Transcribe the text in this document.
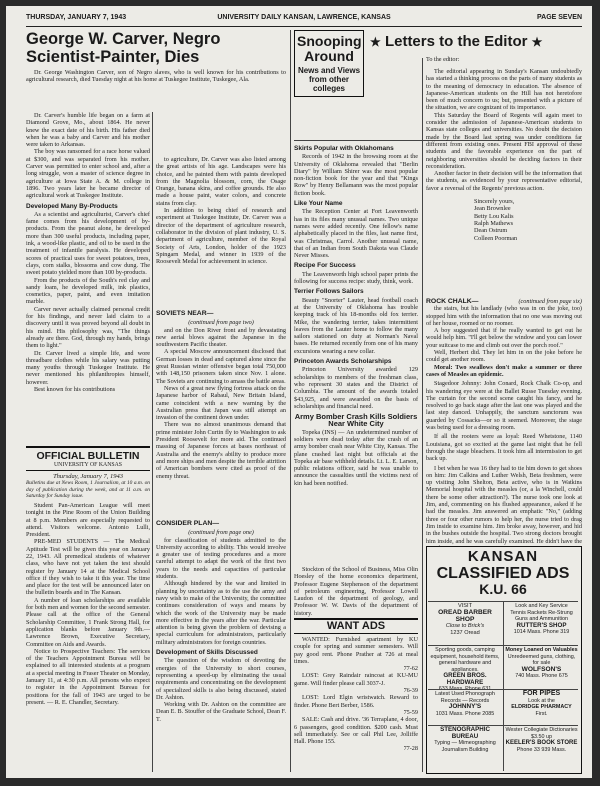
THURSDAY, JANUARY 7, 1943	UNIVERSITY DAILY KANSAN, LAWRENCE, KANSAS	PAGE SEVEN
George W. Carver, Negro Scientist-Painter, Dies

Dr. George Washington Carver, son of Negro slaves, who is well known for his contributions to agricultural research, died Tuesday night at his home at Tuskegee Institute, Tuskegee, Ala.

Dr. Carver's humble life began on a farm at Diamond Grove, Mo., about 1864. He never knew the exact date of his birth. His father died when he was a baby and Carver and his mother were taken to Arkansas.

The boy was ransomed for a race horse valued at $300, and was separated from his mother. Carver was permitted to enter school and, after a long struggle, won a master of science degree in agriculture at Iowa State A. & M. college in 1896. Two years later he became director of agricultural work at Tuskegee Institute.

Developed Many By-Products

As a scientist and agriculturist, Carver's chief fame comes from his development of by-products. From the peanut alone, he developed more than 300 useful products, including paper, ink, a wood-like plastic, and oil to be used in the treatment of infantile paralysis. He developed scores of practical uses for sweet potatoes, trees, clays, corn stalks, blossoms and cow dung. The sweet potato yielded more than 100 by-products.

From the products of the South's red clay and sandy loam, he developed milk, ink plastics, cosmetics, paper, paint, and even imitation marble.

Carver never actually claimed personal credit for his findings, and never laid claim to a discovery until it was proved beyond all doubt in his mind. His philosophy was, "The things already are there. God, through my hands, brings them to light."

Dr. Carver lived a simple life, and wore threadbare clothes while his salary was putting many youths through Tuskegee Institute. He never mentioned his philanthropies himself, however.

Best known for his contributions

to agriculture, Dr. Carver was also listed among the great artists of his age. Landscapes were his choice, and he painted them with paints developed from the Magnolia blossom, corn, the Osage Orange, banana skins, and coffee grounds. He also made a house paint, water colors, and concrete stains from clay.

In addition to being chief of research and experiment at Tuskegee Institute, Dr. Carver was a director of the department of agriculture research, collaborator in the division of plant industry, U. S. department of agriculture, member of the Royal Society of Arts, London, holder of the 1923 Spingarn Medal, and winner in 1939 of the Roosevelt Medal for achievement in science.

OFFICIAL BULLETIN
UNIVERSITY OF KANSAS
Thursday, January 7, 1943
Bulletins due at News Room, 1 Journalism, at 10 a.m. on day of publication during the week, and at 11 a.m. on Saturday for Sunday issue.

Student Pan-American League will meet tonight in the Pine Room of the Union Building at 8 p.m. Members are especially requested to attend. Visitors welcome. Antonio Lulli, President.

PRE-MED STUDENTS — The Medical Aptitude Test will be given this year on January 22, 1943. All premedical students of whatever class, who have not yet taken the test should register by January 14 at the Medical School office if they wish to take it this year. The time and place for the test will be announced later on the bulletin boards and in The Kansan.

A number of loan scholarships are available for both men and women for the second semester. Please call at the office of the General Scholarship Committee, 1 Frank Strong Hall, for application blanks before January 9th.—Lawrence Brown, Executive Secretary, Committee on Aids and Awards.

Notice to Prospective Teachers: The services of the Teachers Appointment Bureau will be explained to all interested students at a program at a special meeting in Fraser Theater on Monday, January 11, at 4:30 p.m. All persons who expect to register in the Appointment Bureau for positions for the fall of 1943 are urged to be present. — R. E. Chandler, Secretary.

SOVIETS NEAR—
(continued from page two)

and on the Don River front and by devastating new aerial blows against the Japanese in the southwestern Pacific theater.

A special Moscow announcement disclosed that German losses in dead and captured alone since the great Russian winter offensive began total 750,000 with 148,150 prisoners taken since Nov. 1 alone. The Soviets are continuing to amass the battle areas.

News of a great new flying fortress attack on the Japanese harbor of Rabaul, New Britain Island, came coincident with a new warning by the Australian press that Japan was still attempt an invasion of the continent down under.

There was no almost unanimous demand that prime minister John Curtin fly to Washington to ask President Roosevelt for more aid. The continued massing of Japanese forces at bases northeast of Australia and the enemy's ability to produce more and more ships and men despite the terrible attrition of American bombers were cited as proof of the enemy threat.

CONSIDER PLAN—
(continued from page one)

for classification of students admitted to the University according to ability. This would involve a greater use of testing procedures and a more careful attempt to adapt the work of the first two years to the needs and capacities of particular students.

Although hindered by the war and limited in planning by uncertainty as to the use the army and navy wish to make of the University, the committee continues consideration of ways and means by which the work of the University may be made more effective in the years after the war. Particular attention is being given the problem of devising a special curriculum for administrators, particularly military administrators for foreign countries.

Development of Skills Discussed

The question of the wisdom of devoting the energies of the University to short courses, representing a speed-up by eliminating the usual requirements and concentrating on the development of specialized skills is also being discussed, stated Dr. Ashton.

Working with Dr. Ashton on the committee are Dean E. B. Stouffer of the Graduate School, Dean F. T.

Snooping Around
News and Views from other colleges
Skirts Popular with Oklahomans

Records of 1942 in the browsing room at the University of Oklahoma revealed that "Berlin Diary" by William Shirer was the most popular non-fiction book for the year and that "Kings Row" by Henry Bellamann was the most popular fiction book.

Like Your Name

The Reception Center at Fort Leavenworth has in its files many unusual names. Two unique names were added recently. One fellow's name alphabetically placed in the files, last name first, was Christmas, Carrol. Another unusual name, that of an Indian from South Dakota was Claude Never Misses.

Recipe For Success

The Leavenworth high school paper prints the following for success recipe: study, think, work.

Terrier Follows Sailors

Beauty "Snorter" Lauter, head football coach at the University of Oklahoma has trouble keeping track of his 18-months old fox terrier. Mike, the wandering terrier, takes intermittent leaves from the Lauter home to follow the many sailors stationed on duty at Norman's Naval bases. He returned recently from one of his many excursions wearing a new collar.

Princeton Awards Scholarships

Princeton University awarded 129 scholarships to members of the freshman class, who represent 30 states and the District of Columbia. The amount of the awards totaled $43,925, and were awarded on the basis of scholarships and financial need.

Army Bomber Crash Kills Soldiers Near White City

Topeka (INS) — An undetermined number of soldiers were dead today after the crash of an army bomber crash near White City, Kansas. The plane crashed last night but officials at the Topeka air base withheld details. Lt. L. E. Larson, public relations officer, said he was unable to announce the casualties until the victims next of kin had been notified.

Stockton of the School of Business, Miss Olin Hoesley of the home economics department, Professor Eugene Stephenson of the department of petroleum engineering, Professor Lowell Laudon of the department of geology, and Professor W. W. Davis of the department of history.

WANT ADS

WANTED: Furnished apartment by KU couple for spring and summer semesters. Will pay good rent. Phone Prather at 726 at meal times.

77-62

LOST: Grey Raindair raincoat at KU-MU game. Will finder please call 3037-J.

76-39

LOST: Lord Elgin wristwatch. Reward to finder. Phone Bert Berber, 1586.

75-59

SALE: Cash and drive. '36 Terraplane, 4 door, 6 passengers, good condition. $200 cash. Must sell immediately. See or call Phil Lee, Jolliffe Hall. Phone 155.

77-28
★ Letters to the Editor ★
To the editor:

The editorial appearing in Sunday's Kansan undoubtedly has started a thinking process on the parts of many students as to the meaning of democracy in education. The absence of Japanese-American students on the Hill has not heretofore been of much concern to us; but, presented with a picture of the situation, we are cognizant of its importance.

This Saturday the Board of Regents will again meet to consider the admission of Japanese-American students to Kansas state colleges and universities. No doubt the decision made by the Board last spring was under conditions far different from existing ones. Present FBI approval of these students and the favorable experience on the part of neighboring universities should be deciding factors in their reconsideration.

Another factor in their decision will be the information that the students, as evidenced by your representative editorial, favor a reversal of the Regents' previous action.

Sincerely yours,
Jean Brownlee
Betty Lou Kalis
Ralph Mathews
Dean Ostrum
Colleen Poorman
ROCK CHALK—	(continued from page six)

the stairs, but his landlady (who was in on the joke, too) stopped him with the information that no one was moving out of her house, roomed or no roomer.

A boy suggested that if he really wanted to get out he would help him. "I'll get below the window and you can lower your suitcase to me and climb out over the porch roof."

Well, Herbert did. They let him in on the joke before he could get another room.

Moral: Two swallows don't make a summer or three cases of Measles an epidemic.

Stagedoor Johnny: John Conard, Rock Chalk Co-op, and his wandering eye were at the Ballet Russe Tuesday evening. The curtain for the second scene caught his fancy, and he resolved to go back stage after the last one was played and the last step danced. Unhappily, the sanctum sanctorum was guarded by Cossacks—or so it seemed. Moreover, the stage was being used for a dressing room.

If all the rooters were as loyal: Reed Whetstone, 1140 Louisiana, got so excited at the game last night that he fell through the stage bleachers. It took him all intermission to get back up.

I bet when he was 16 they had to tie him down to get shoes on him: Jim Calkins and Luther Welsh, Beta freshmen, were up visiting John Shelton, Beta active, who is in Watkins Memorial hospital with the measles (or, a la Winchell, could there be some other attraction?). The nurse took one look at Jim, and, commenting on his flushed appearance, asked if he had the measles. Jim answered an emphatic "No," (adding three or four other rumors to help her, the nurse tried to drag Jim inside to examine him. Jim broke away, however, and hid in the bushes outside the hospital. Two strong doctors brought him inside, and he was carefully examined. He didn't have the

KANSAN
CLASSIFIED ADS
K.U. 66
VISIT
OREAD BARBER SHOP
Close to Brick's
1237 Oread
Sporting goods, camping equipment, household items, general hardware and appliances.
GREEN BROS. HARDWARE
633 Mass. Phone 631
Latest Used Phonograph
Records — Records
JOHNNY'S
1031 Mass. Phone 2085
STENOGRAPHIC BUREAU
Typing — Mimeographing
Journalism Building
Look and Key Service
Tennis Rackets Re-Strung
Guns and Ammunition
RUTTER'S SHOP
1014 Mass. Phone 319
Money Loaned on Valuables
Unredeemed guns, clothing, for sale
WOLFSON'S
740 Mass. Phone 675
FOR PIPES
Look at the
ELDRIDGE PHARMACY
First.
Wester Collegiate Dictionaries
$3.50 up
KEELER'S BOOK STORE
Phone 33 939 Mass.
